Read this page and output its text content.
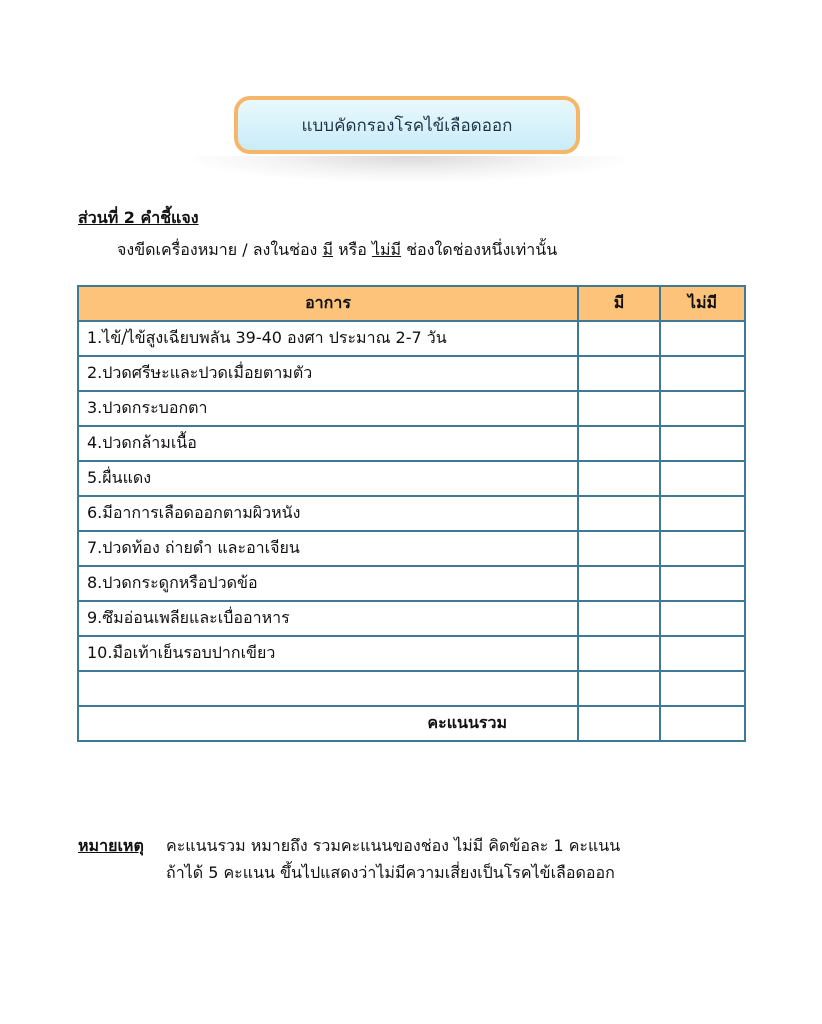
แบบคัดกรองโรคไข้เลือดออก
ส่วนที่ 2 คำชี้แจง
จงขีดเครื่องหมาย / ลงในช่อง มี หรือ ไม่มี ช่องใดช่องหนึ่งเท่านั้น
อาการ	มี	ไม่มี
1.ไข้/ไข้สูงเฉียบพลัน 39-40 องศา ประมาณ 2-7 วัน		
2.ปวดศรีษะและปวดเมื่อยตามตัว		
3.ปวดกระบอกตา		
4.ปวดกล้ามเนื้อ		
5.ผื่นแดง		
6.มีอาการเลือดออกตามผิวหนัง		
7.ปวดท้อง ถ่ายดำ และอาเจียน		
8.ปวดกระดูกหรือปวดข้อ		
9.ซึมอ่อนเพลียและเบื่ออาหาร		
10.มือเท้าเย็นรอบปากเขียว		

คะแนนรวม		
หมายเหตุ คะแนนรวม หมายถึง รวมคะแนนของช่อง ไม่มี คิดข้อละ 1 คะแนน
ถ้าได้ 5 คะแนน ขึ้นไปแสดงว่าไม่มีความเสี่ยงเป็นโรคไข้เลือดออก
